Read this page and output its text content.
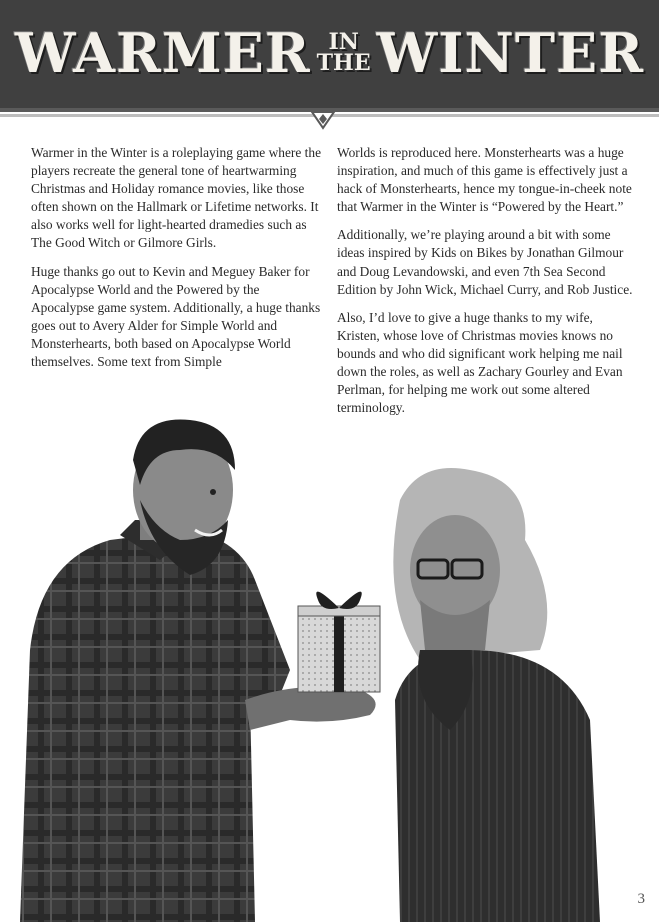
WARMER IN
THE WINTER

Warmer in the Winter is a roleplaying game where the players recreate the general tone of heartwarming Christmas and Holiday romance movies, like those often shown on the Hallmark or Lifetime networks. It also works well for light-hearted dramedies such as The Good Witch or Gilmore Girls.

Huge thanks go out to Kevin and Meguey Baker for Apocalypse World and the Powered by the Apocalypse game system. Additionally, a huge thanks goes out to Avery Alder for Simple World and Monsterhearts, both based on Apocalypse World themselves. Some text from Simple

Worlds is reproduced here. Monsterhearts was a huge inspiration, and much of this game is effectively just a hack of Monsterhearts, hence my tongue-in-cheek note that Warmer in the Winter is “Powered by the Heart.”

Additionally, we’re playing around a bit with some ideas inspired by Kids on Bikes by Jonathan Gilmour and Doug Levandowski, and even 7th Sea Second Edition by John Wick, Michael Curry, and Rob Justice.

Also, I’d love to give a huge thanks to my wife, Kristen, whose love of Christmas movies knows no bounds and who did significant work helping me nail down the roles, as well as Zachary Gourley and Evan Perlman, for helping me work out some altered terminology.

3
